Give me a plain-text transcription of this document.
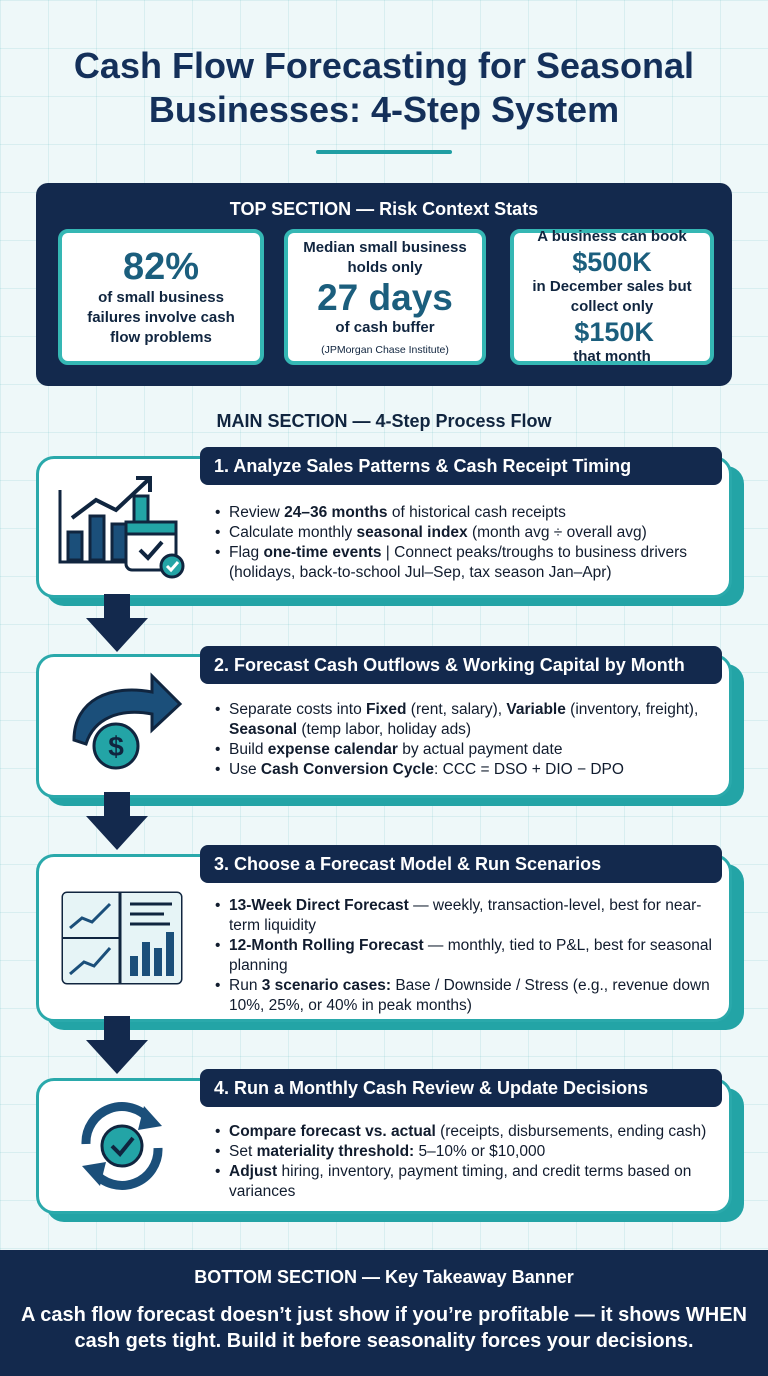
Cash Flow Forecasting for Seasonal Businesses: 4-Step System
TOP SECTION — Risk Context Stats
82%
of small business failures involve cash flow problems
Median small business holds only
27 days
of cash buffer
(JPMorgan Chase Institute)
A business can book
$500K
in December sales but collect only

$150K
that month
MAIN SECTION — 4-Step Process Flow
1. Analyze Sales Patterns & Cash Receipt Timing
• Review 24–36 months of historical cash receipts
• Calculate monthly seasonal index (month avg ÷ overall avg)
• Flag one-time events | Connect peaks/troughs to business drivers (holidays, back-to-school Jul–Sep, tax season Jan–Apr)
2. Forecast Cash Outflows & Working Capital by Month
$
• Separate costs into Fixed (rent, salary), Variable (inventory, freight), Seasonal (temp labor, holiday ads)
• Build expense calendar by actual payment date
• Use Cash Conversion Cycle: CCC = DSO + DIO − DPO
3. Choose a Forecast Model & Run Scenarios
• 13-Week Direct Forecast — weekly, transaction-level, best for near-term liquidity
• 12-Month Rolling Forecast — monthly, tied to P&L, best for seasonal planning
• Run 3 scenario cases: Base / Downside / Stress (e.g., revenue down 10%, 25%, or 40% in peak months)
4. Run a Monthly Cash Review & Update Decisions
• Compare forecast vs. actual (receipts, disbursements, ending cash)
• Set materiality threshold: 5–10% or $10,000
• Adjust hiring, inventory, payment timing, and credit terms based on variances
BOTTOM SECTION — Key Takeaway Banner
A cash flow forecast doesn’t just show if you’re profitable — it shows WHEN cash gets tight. Build it before seasonality forces your decisions.
